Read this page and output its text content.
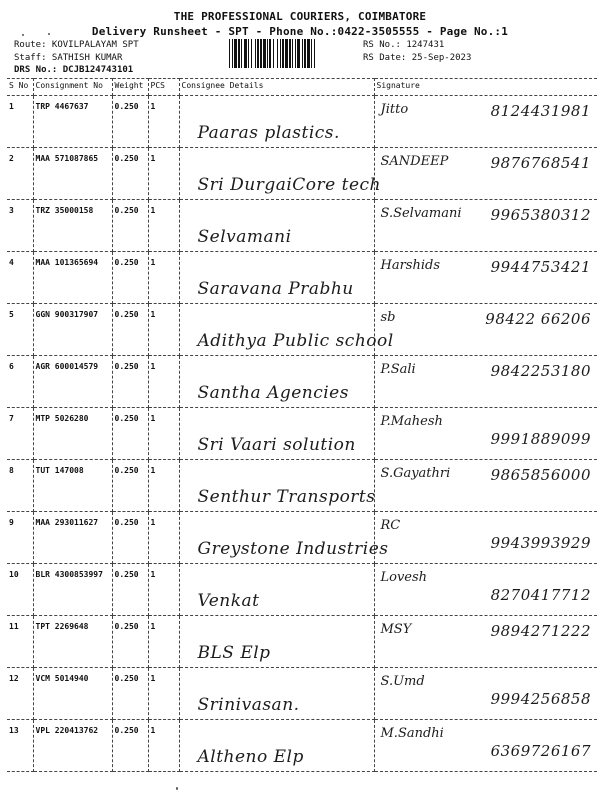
THE PROFESSIONAL COURIERS, COIMBATORE
Delivery Runsheet - SPT - Phone No.:0422-3505555 - Page No.:1
Route: KOVILPALAYAM SPT
Staff: SATHISH KUMAR
DRS No.: DCJB124743101
RS No.: 1247431
RS Date: 25-Sep-2023
S No	Consignment No	Weight	PCS	Consignee Details	Signature
1	TRP 4467637	0.250	1	Paaras plastics.	Jitto 8124431981

2	MAA 571087865	0.250	1	Sri DurgaiCore tech	SANDEEP 9876768541

3	TRZ 35000158	0.250	1	Selvamani	S.Selvamani 9965380312

4	MAA 101365694	0.250	1	Saravana Prabhu	Harshids 9944753421

5	GGN 900317907	0.250	1	Adithya Public school	sb 98422 66206

6	AGR 600014579	0.250	1	Santha Agencies	P.Sali 9842253180

7	MTP 5026280	0.250	1	Sri Vaari solution	P.Mahesh
9991889099

8	TUT 147008	0.250	1	Senthur Transports	S.Gayathri 9865856000

9	MAA 293011627	0.250	1	Greystone Industries	RC
9943993929

10	BLR 4300853997	0.250	1	Venkat	Lovesh
8270417712

11	TPT 2269648	0.250	1	BLS Elp	MSY 9894271222

12	VCM 5014940	0.250	1	Srinivasan.	S.Umd
9994256858

13	VPL 220413762	0.250	1	Altheno Elp	M.Sandhi
6369726167
